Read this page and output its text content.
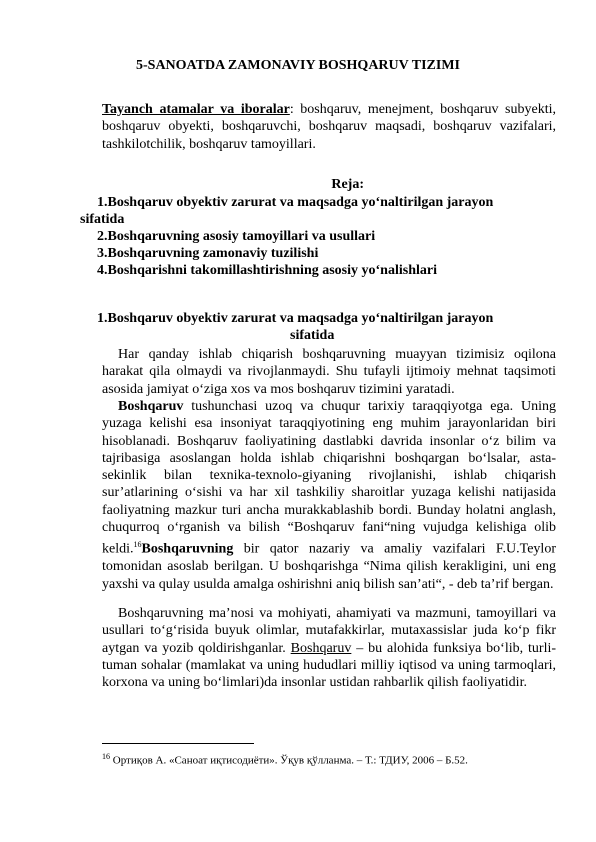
5-SANOATDA ZAMONAVIY BOSHQARUV TIZIMI

Tayanch atamalar va iboralar: boshqaruv, menejment, boshqaruv subyekti, boshqaruv obyekti, boshqaruvchi, boshqaruv maqsadi, boshqaruv vazifalari, tashkilotchilik, boshqaruv tamoyillari.

Reja:
1.Boshqaruv obyektiv zarurat va maqsadga yo‘naltirilgan jarayon
sifatida
2.Boshqaruvning asosiy tamoyillari va usullari
3.Boshqaruvning zamonaviy tuzilishi
4.Boshqarishni takomillashtirishning asosiy yo‘nalishlari
1.Boshqaruv obyektiv zarurat va maqsadga yo‘naltirilgan jarayon
sifatida

Har qanday ishlab chiqarish boshqaruvning muayyan tizimisiz oqilona harakat qila olmaydi va rivojlanmaydi. Shu tufayli ijtimoiy mehnat taqsimoti asosida jamiyat o‘ziga xos va mos boshqaruv tizimini yaratadi.

Boshqaruv tushunchasi uzoq va chuqur tarixiy taraqqiyotga ega. Uning yuzaga kelishi esa insoniyat taraqqiyotining eng muhim jarayonlaridan biri hisoblanadi. Boshqaruv faoliyatining dastlabki davrida insonlar o‘z bilim va tajribasiga asoslangan holda ishlab chiqarishni boshqargan bo‘lsalar, asta-sekinlik bilan texnika-texnolo-giyaning rivojlanishi, ishlab chiqarish sur’atlarining o‘sishi va har xil tashkiliy sharoitlar yuzaga kelishi natijasida faoliyatning mazkur turi ancha murakkablashib bordi. Bunday holatni anglash, chuqurroq o‘rganish va bilish “Boshqaruv fani“ning vujudga kelishiga olib keldi.$^{16}$Boshqaruvning bir qator nazariy va amaliy vazifalari F.U.Teylor tomonidan asoslab berilgan. U boshqarishga “Nima qilish kerakligini, uni eng yaxshi va qulay usulda amalga oshirishni aniq bilish san’ati“, - deb ta’rif bergan.

Boshqaruvning ma’nosi va mohiyati, ahamiyati va mazmuni, tamoyillari va usullari to‘g‘risida buyuk olimlar, mutafakkirlar, mutaxassislar juda ko‘p fikr aytgan va yozib qoldirishganlar. Boshqaruv – bu alohida funksiya bo‘lib, turli-tuman sohalar (mamlakat va uning hududlari milliy iqtisod va uning tarmoqlari, korxona va uning bo‘limlari)da insonlar ustidan rahbarlik qilish faoliyatidir.

$^{16}$ Ортиқов А. «Саноат иқтисодиёти». Ўқув қўлланма. – Т.: ТДИУ, 2006 – Б.52.
